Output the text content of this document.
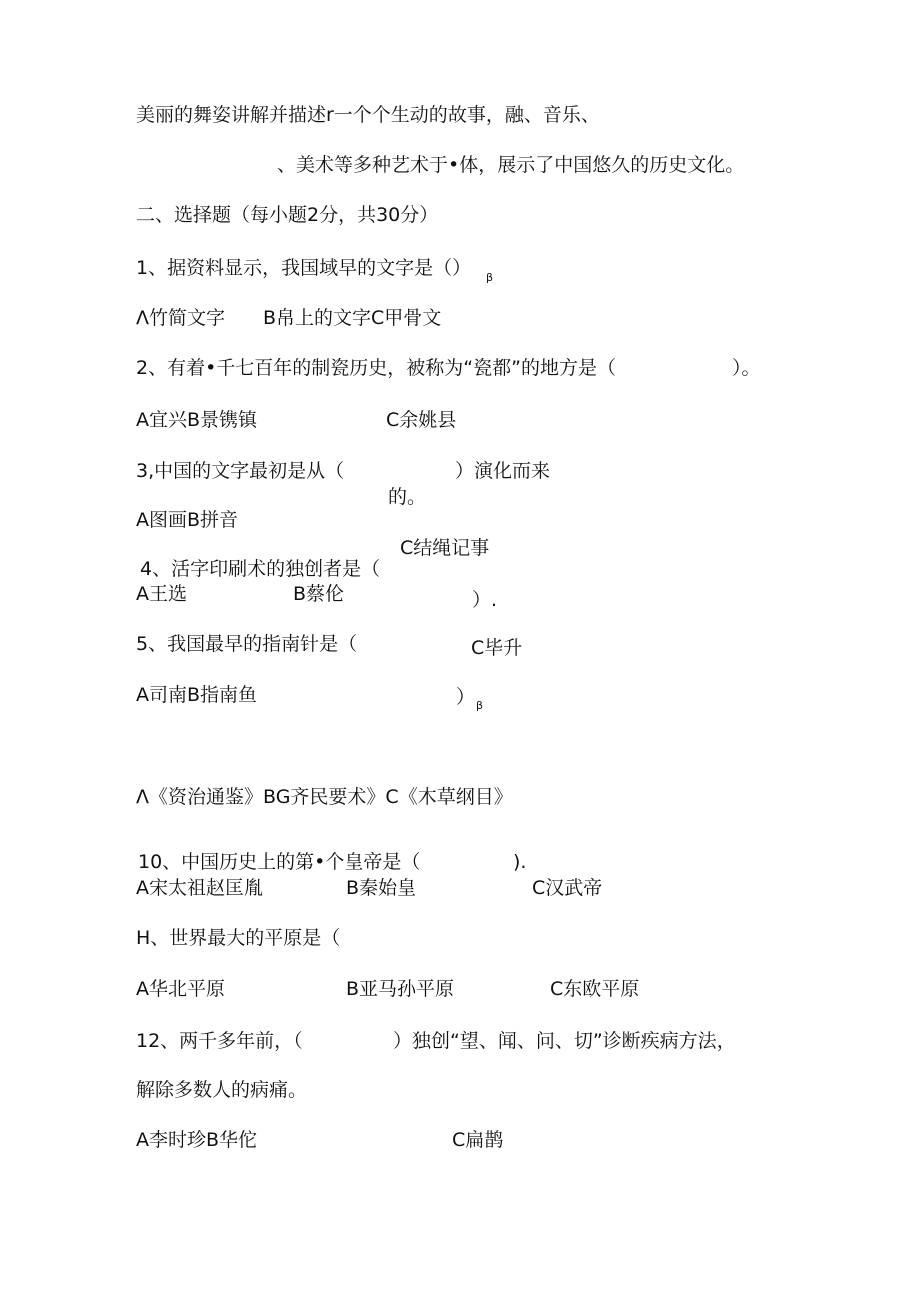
美丽的舞姿讲解并描述r一个个生动的故事，融、音乐、
、美术等多种艺术于•体，展示了中国悠久的历史文化。
二、选择题（每小题2分，共30分）
1、据资料显示，我国域早的文字是（） β
Λ竹简文字 B帛上的文字C甲骨文
2、有着•千七百年的制瓷历史，被称为“瓷都”的地方是（	）。
A宜兴B景镌镇	C余姚县
3,中国的文字最初是从（	）演化而来
的。
A图画B拼音
C结绳记事
4、活字印刷术的独创者是（
A王选	B蔡伦	）.
5、我国最早的指南针是（	C毕升
A司南B指南鱼	） β
Λ《资治通鉴》BG齐民要术》C《木草纲目》
10、中国历史上的第•个皇帝是（	).
A宋太祖赵匡胤	B秦始皇	C汉武帝
H、世界最大的平原是（
A华北平原	B亚马孙平原	C东欧平原
12、两千多年前，（	）独创“望、闻、问、切”诊断疾病方法，
解除多数人的病痛。
A李时珍B华佗	C扁鹊
